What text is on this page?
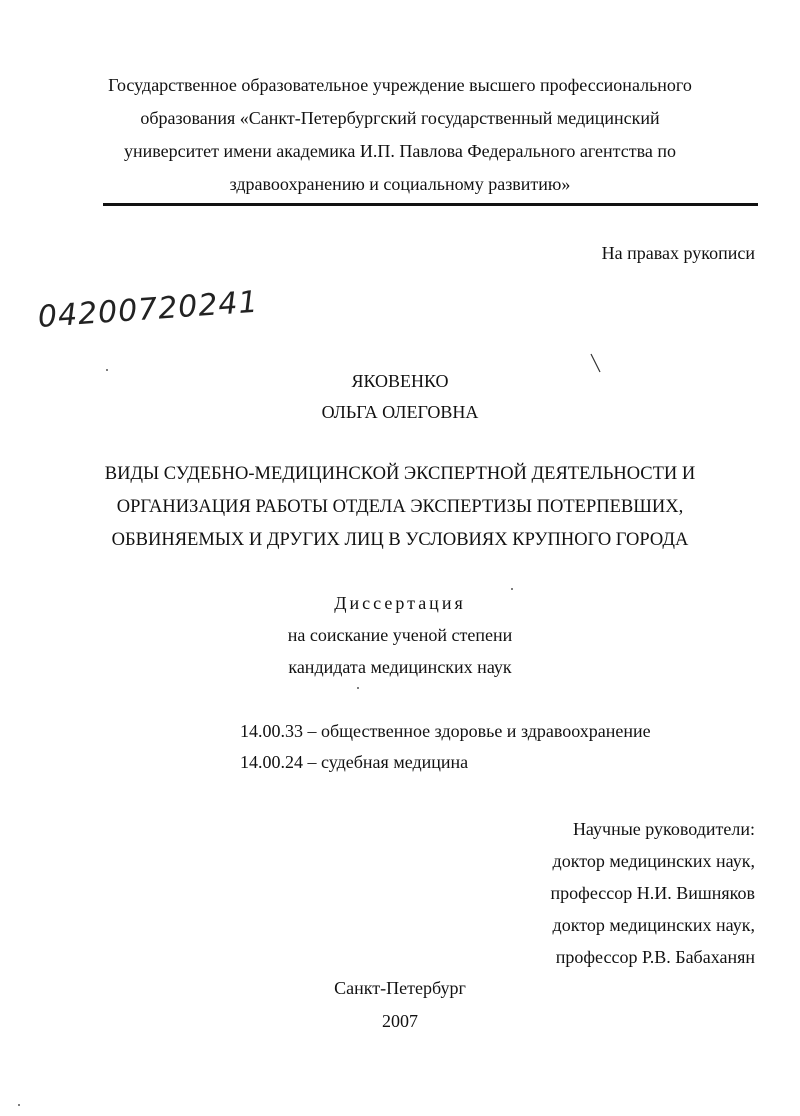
Государственное образовательное учреждение высшего профессионального
образования «Санкт-Петербургский государственный медицинский
университет имени академика И.П. Павлова Федерального агентства по
здравоохранению и социальному развитию»
На правах рукописи
04200720241
ЯКОВЕНКО
ОЛЬГА ОЛЕГОВНА
ВИДЫ СУДЕБНО-МЕДИЦИНСКОЙ ЭКСПЕРТНОЙ ДЕЯТЕЛЬНОСТИ И
ОРГАНИЗАЦИЯ РАБОТЫ ОТДЕЛА ЭКСПЕРТИЗЫ ПОТЕРПЕВШИХ,
ОБВИНЯЕМЫХ И ДРУГИХ ЛИЦ В УСЛОВИЯХ КРУПНОГО ГОРОДА
Диссертация
на соискание ученой степени
кандидата медицинских наук
14.00.33 – общественное здоровье и здравоохранение
14.00.24 – судебная медицина
Научные руководители:
доктор медицинских наук,
профессор Н.И. Вишняков
доктор медицинских наук,
профессор Р.В. Бабаханян
Санкт-Петербург
2007
